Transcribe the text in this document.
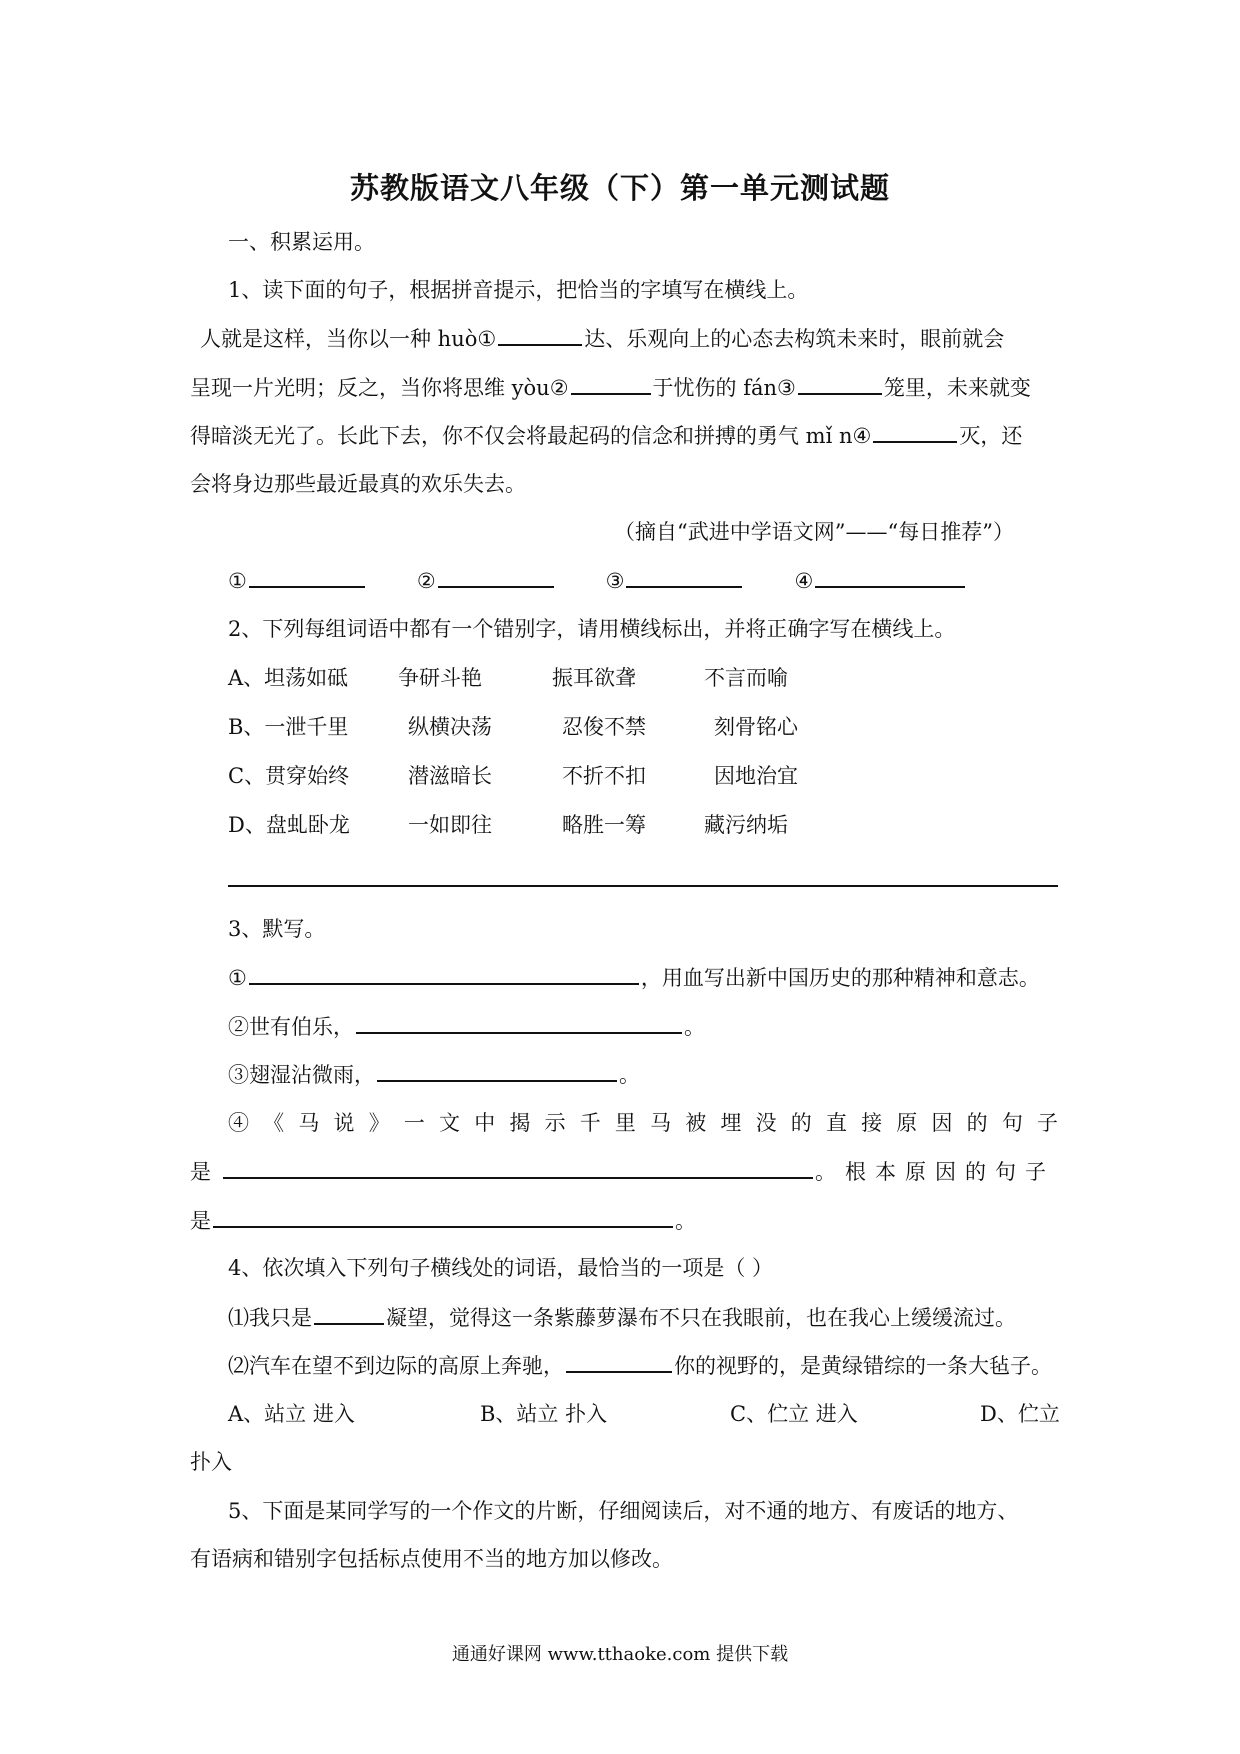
苏教版语文八年级（下）第一单元测试题
一、积累运用。
1、读下面的句子，根据拼音提示，把恰当的字填写在横线上。
人就是这样，当你以一种 huò①	达、乐观向上的心态去构筑未来时，眼前就会
呈现一片光明；反之，当你将思维 yòu②	于忧伤的 fán③	笼里，未来就变
得暗淡无光了。长此下去，你不仅会将最起码的信念和拼搏的勇气 mǐ n④	灭，还
会将身边那些最近最真的欢乐失去。
（摘自“武进中学语文网”——“每日推荐”）
①	②	③	④
2、下列每组词语中都有一个错别字，请用横线标出，并将正确字写在横线上。
A、坦荡如砥 争研斗艳	振耳欲聋	不言而喻
B、一泄千里	纵横决荡	忍俊不禁	刻骨铭心
C、贯穿始终	潜滋暗长	不折不扣	因地治宜
D、盘虬卧龙	一如即往	略胜一筹	藏污纳垢
3、默写。
①	，用血写出新中国历史的那种精神和意志。
②世有伯乐，	。
③翅湿沾微雨，	。
④《马说》一文中揭示千里马被埋没的直接原因的句子
是	。根本原因的句子
是	。
4、依次填入下列句子横线处的词语，最恰当的一项是（ ）
⑴我只是	凝望，觉得这一条紫藤萝瀑布不只在我眼前，也在我心上缓缓流过。
⑵汽车在望不到边际的高原上奔驰，	你的视野的，是黄绿错综的一条大毡子。
A、站立 进入	B、站立 扑入	C、伫立 进入	D、伫立
扑入
5、下面是某同学写的一个作文的片断，仔细阅读后，对不通的地方、有废话的地方、
有语病和错别字包括标点使用不当的地方加以修改。
通通好课网 www.tthaoke.com 提供下载
